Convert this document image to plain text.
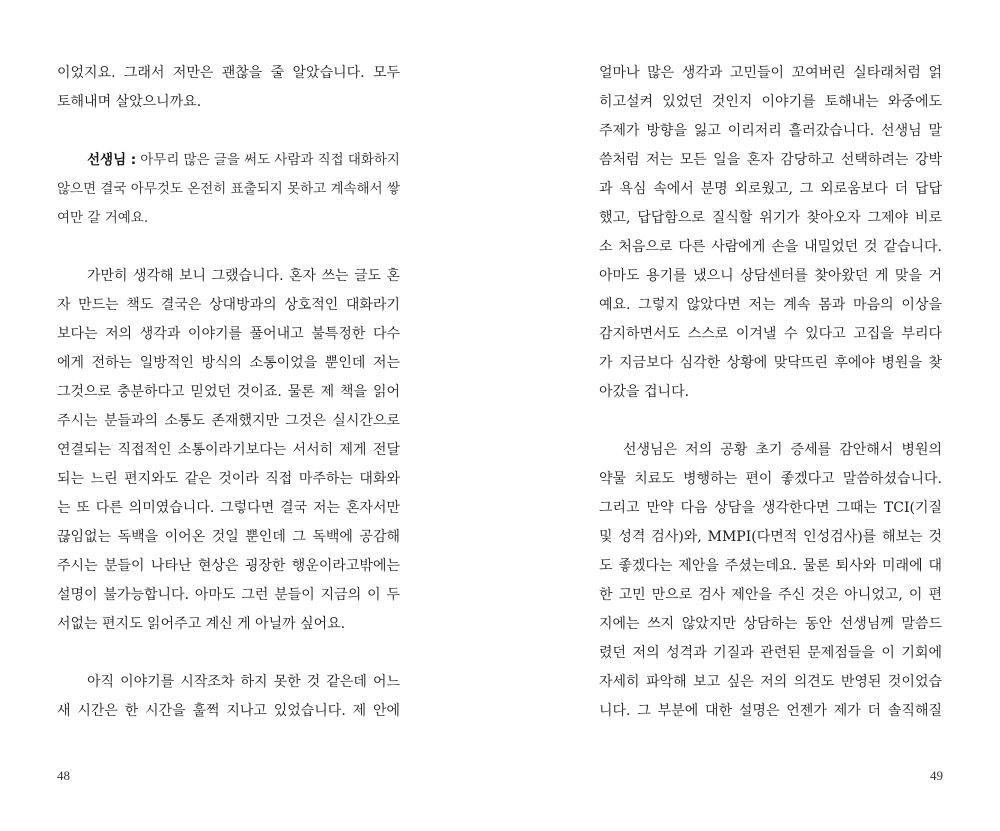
이었지요. 그래서 저만은 괜찮을 줄 알았습니다. 모두
토해내며 살았으니까요.
선생님 : 아무리 많은 글을 써도 사람과 직접 대화하지
않으면 결국 아무것도 온전히 표출되지 못하고 계속해서 쌓
여만 갈 거예요.
가만히 생각해 보니 그랬습니다. 혼자 쓰는 글도 혼
자 만드는 책도 결국은 상대방과의 상호적인 대화라기
보다는 저의 생각과 이야기를 풀어내고 불특정한 다수
에게 전하는 일방적인 방식의 소통이었을 뿐인데 저는
그것으로 충분하다고 믿었던 것이죠. 물론 제 책을 읽어
주시는 분들과의 소통도 존재했지만 그것은 실시간으로
연결되는 직접적인 소통이라기보다는 서서히 제게 전달
되는 느린 편지와도 같은 것이라 직접 마주하는 대화와
는 또 다른 의미였습니다. 그렇다면 결국 저는 혼자서만
끊임없는 독백을 이어온 것일 뿐인데 그 독백에 공감해
주시는 분들이 나타난 현상은 굉장한 행운이라고밖에는
설명이 불가능합니다. 아마도 그런 분들이 지금의 이 두
서없는 편지도 읽어주고 계신 게 아닐까 싶어요.
아직 이야기를 시작조차 하지 못한 것 같은데 어느
새 시간은 한 시간을 훌쩍 지나고 있었습니다. 제 안에
얼마나 많은 생각과 고민들이 꼬여버린 실타래처럼 얽
히고설켜 있었던 것인지 이야기를 토해내는 와중에도
주제가 방향을 잃고 이리저리 흘러갔습니다. 선생님 말
씀처럼 저는 모든 일을 혼자 감당하고 선택하려는 강박
과 욕심 속에서 분명 외로웠고, 그 외로움보다 더 답답
했고, 답답함으로 질식할 위기가 찾아오자 그제야 비로
소 처음으로 다른 사람에게 손을 내밀었던 것 같습니다.
아마도 용기를 냈으니 상담센터를 찾아왔던 게 맞을 거
예요. 그렇지 않았다면 저는 계속 몸과 마음의 이상을
감지하면서도 스스로 이겨낼 수 있다고 고집을 부리다
가 지금보다 심각한 상황에 맞닥뜨린 후에야 병원을 찾
아갔을 겁니다.
선생님은 저의 공황 초기 증세를 감안해서 병원의
약물 치료도 병행하는 편이 좋겠다고 말씀하셨습니다.
그리고 만약 다음 상담을 생각한다면 그때는 TCI(기질
및 성격 검사)와, MMPI(다면적 인성검사)를 해보는 것
도 좋겠다는 제안을 주셨는데요. 물론 퇴사와 미래에 대
한 고민 만으로 검사 제안을 주신 것은 아니었고, 이 편
지에는 쓰지 않았지만 상담하는 동안 선생님께 말씀드
렸던 저의 성격과 기질과 관련된 문제점들을 이 기회에
자세히 파악해 보고 싶은 저의 의견도 반영된 것이었습
니다. 그 부분에 대한 설명은 언젠가 제가 더 솔직해질
48	49
